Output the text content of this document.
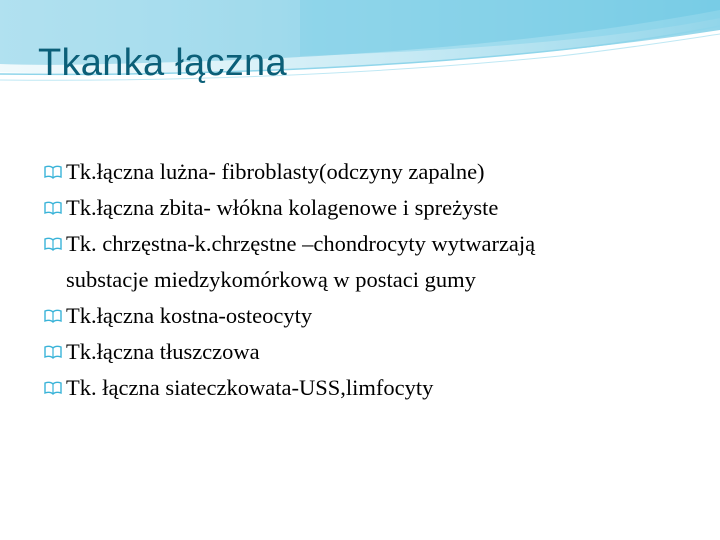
Tkanka łączna
Tk.łączna lużna- fibroblasty(odczyny zapalne)
Tk.łączna zbita- włókna kolagenowe i spreżyste
Tk. chrzęstna-k.chrzęstne –chondrocyty wytwarzają
substacje miedzykomórkową w postaci gumy
Tk.łączna kostna-osteocyty
Tk.łączna tłuszczowa
Tk. łączna siateczkowata-USS,limfocyty
